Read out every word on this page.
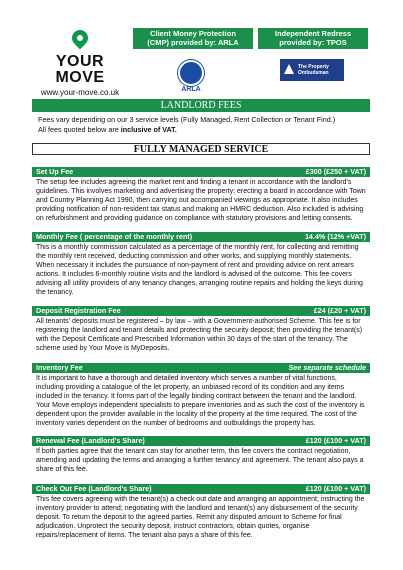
YOUR MOVE
www.your-move.co.uk
Client Money Protection
(CMP) provided by: ARLA
Independent Redress
provided by: TPOS
ARLA
The Property Ombudsman
LANDLORD FEES
Fees vary depending on our 3 service levels (Fully Managed, Rent Collection or Tenant Find.)
All fees quoted below are inclusive of VAT.
FULLY MANAGED SERVICE
Set Up Fee	£300 (£250 + VAT)
The setup fee includes agreeing the market rent and finding a tenant in accordance with the landlord's guidelines. This involves marketing and advertising the property; erecting a board in accordance with Town and Country Planning Act 1990, then carrying out accompanied viewings as appropriate. It also includes providing notification of non-resident tax status and making an HMRC deduction. Also included is advising on refurbishment and providing guidance on compliance with statutory provisions and letting consents.
Monthly Fee ( percentage of the monthly rent)	14.4% (12% +VAT)
This is a monthly commission calculated as a percentage of the monthly rent, for collecting and remitting the monthly rent received, deducting commission and other works, and supplying monthly statements. When necessary it includes the pursuance of non-payment of rent and providing advice on rent arrears actions. It includes 6-monthly routine visits and the landlord is advised of the outcome. This fee covers advising all utility providers of any tenancy changes, arranging routine repairs and holding the keys during the tenancy.
Deposit Registration Fee	£24 (£20 + VAT)
All tenants' deposits must be registered – by law – with a Government-authorised Scheme. This fee is for registering the landlord and tenant details and protecting the security deposit; then providing the tenant(s) with the Deposit Certificate and Prescribed Information within 30 days of the start of the tenancy. The scheme used by Your Move is MyDeposits.
Inventory Fee	See separate schedule
It is important to have a thorough and detailed inventory which serves a number of vital functions, including providing a catalogue of the let property, an unbiased record of its condition and any items included in the tenancy. It forms part of the legally binding contract between the tenant and the landlord. Your Move employs independent specialists to prepare inventories and as such the cost of the inventory is dependent upon the provider available in the locality of the property at the time required. The cost of the inventory varies dependent on the number of bedrooms and outbuildings the property has.
Renewal Fee (Landlord's Share)	£120 (£100 + VAT)
If both parties agree that the tenant can stay for another term, this fee covers the contract negotiation, amending and updating the terms and arranging a further tenancy and agreement. The tenant also pays a share of this fee.
Check Out Fee (Landlord's Share)	£120 (£100 + VAT)
This fee covers agreeing with the tenant(s) a check out date and arranging an appointment; instructing the inventory provider to attend; negotiating with the landlord and tenant(s) any disbursement of the security deposit. To return the deposit to the agreed parties. Remit any disputed amount to Scheme for final adjudication. Unprotect the security deposit, instruct contractors, obtain quotes, organise repairs/replacement of items. The tenant also pays a share of this fee.
